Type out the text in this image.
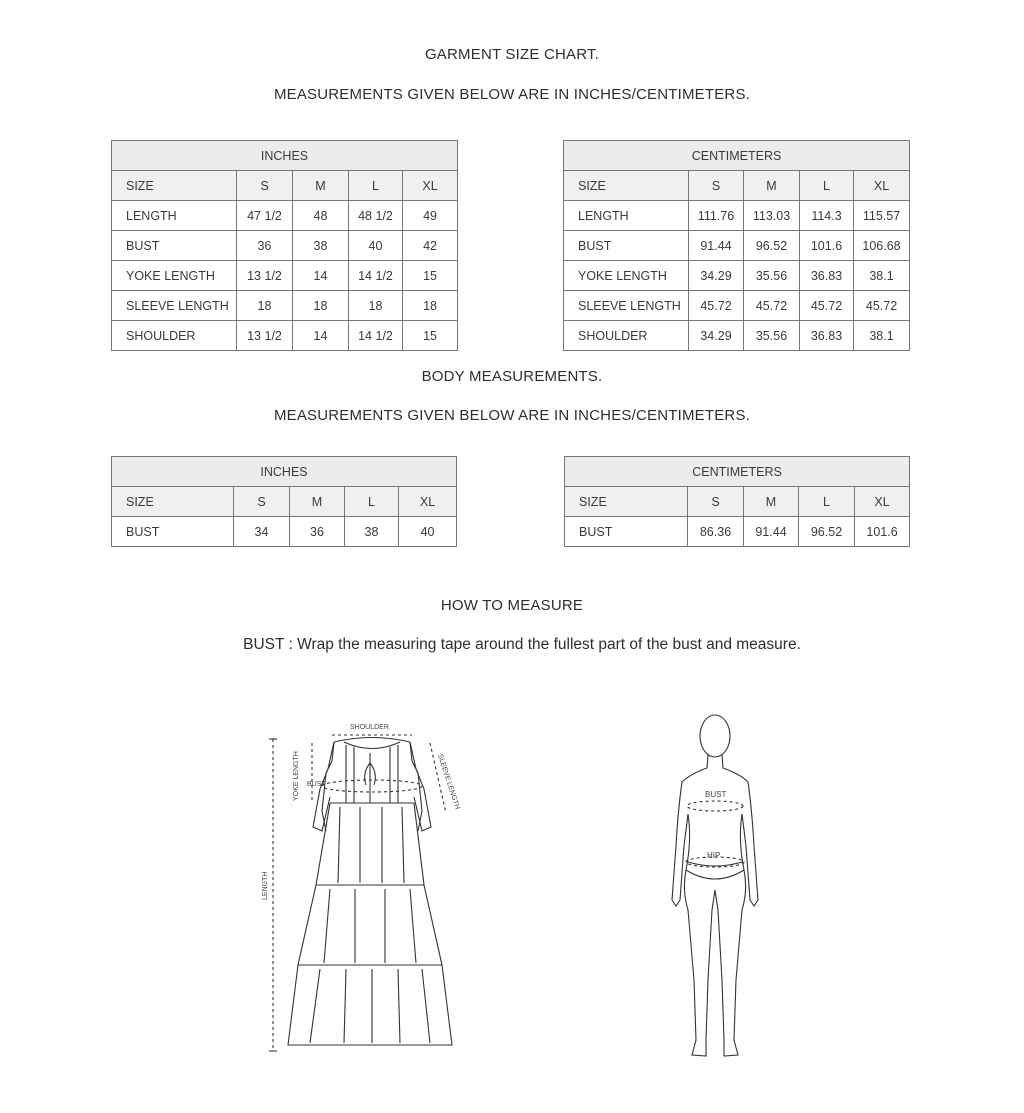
GARMENT SIZE CHART.
MEASUREMENTS GIVEN BELOW ARE IN INCHES/CENTIMETERS.
INCHES				
SIZE	S	M	L	XL
LENGTH	47 1/2	48	48 1/2	49
BUST	36	38	40	42
YOKE LENGTH	13 1/2	14	14 1/2	15
SLEEVE LENGTH	18	18	18	18
SHOULDER	13 1/2	14	14 1/2	15
CENTIMETERS				
SIZE	S	M	L	XL
LENGTH	111.76	113.03	114.3	115.57
BUST	91.44	96.52	101.6	106.68
YOKE LENGTH	34.29	35.56	36.83	38.1
SLEEVE LENGTH	45.72	45.72	45.72	45.72
SHOULDER	34.29	35.56	36.83	38.1
BODY MEASUREMENTS.
MEASUREMENTS GIVEN BELOW ARE IN INCHES/CENTIMETERS.
INCHES				
SIZE	S	M	L	XL
BUST	34	36	38	40
CENTIMETERS				
SIZE	S	M	L	XL
BUST	86.36	91.44	96.52	101.6
HOW TO MEASURE

BUST : Wrap the measuring tape around the fullest part of the bust and measure.

LENGTH
SHOULDER
YOKE LENGTH	SLEEVE LENGTH
BUST
BUST
HIP
